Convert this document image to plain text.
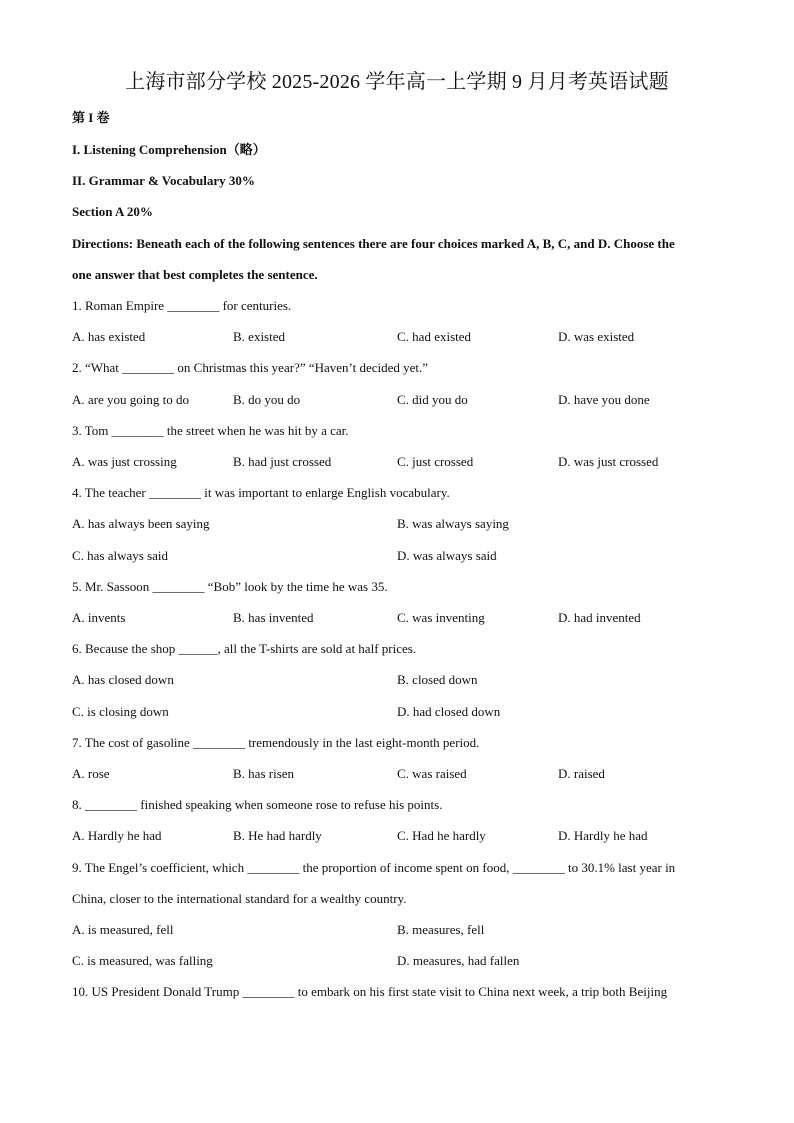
上海市部分学校 2025-2026 学年高一上学期 9 月月考英语试题
第 I 卷
I. Listening Comprehension（略）
II. Grammar & Vocabulary 30%
Section A 20%
Directions: Beneath each of the following sentences there are four choices marked A, B, C, and D. Choose the
one answer that best completes the sentence.
1. Roman Empire ________ for centuries.
A. has existed	B. existed	C. had existed	D. was existed
2. “What ________ on Christmas this year?” “Haven’t decided yet.”
A. are you going to do	B. do you do	C. did you do	D. have you done
3. Tom ________ the street when he was hit by a car.
A. was just crossing	B. had just crossed	C. just crossed	D. was just crossed
4. The teacher ________ it was important to enlarge English vocabulary.
A. has always been saying	B. was always saying
C. has always said	D. was always said
5. Mr. Sassoon ________ “Bob” look by the time he was 35.
A. invents	B. has invented	C. was inventing	D. had invented
6. Because the shop ______, all the T-shirts are sold at half prices.
A. has closed down	B. closed down
C. is closing down	D. had closed down
7. The cost of gasoline ________ tremendously in the last eight-month period.
A. rose	B. has risen	C. was raised	D. raised
8. ________ finished speaking when someone rose to refuse his points.
A. Hardly he had	B. He had hardly	C. Had he hardly	D. Hardly he had
9. The Engel’s coefficient, which ________ the proportion of income spent on food, ________ to 30.1% last year in
China, closer to the international standard for a wealthy country.
A. is measured, fell	B. measures, fell
C. is measured, was falling	D. measures, had fallen
10. US President Donald Trump ________ to embark on his first state visit to China next week, a trip both Beijing
